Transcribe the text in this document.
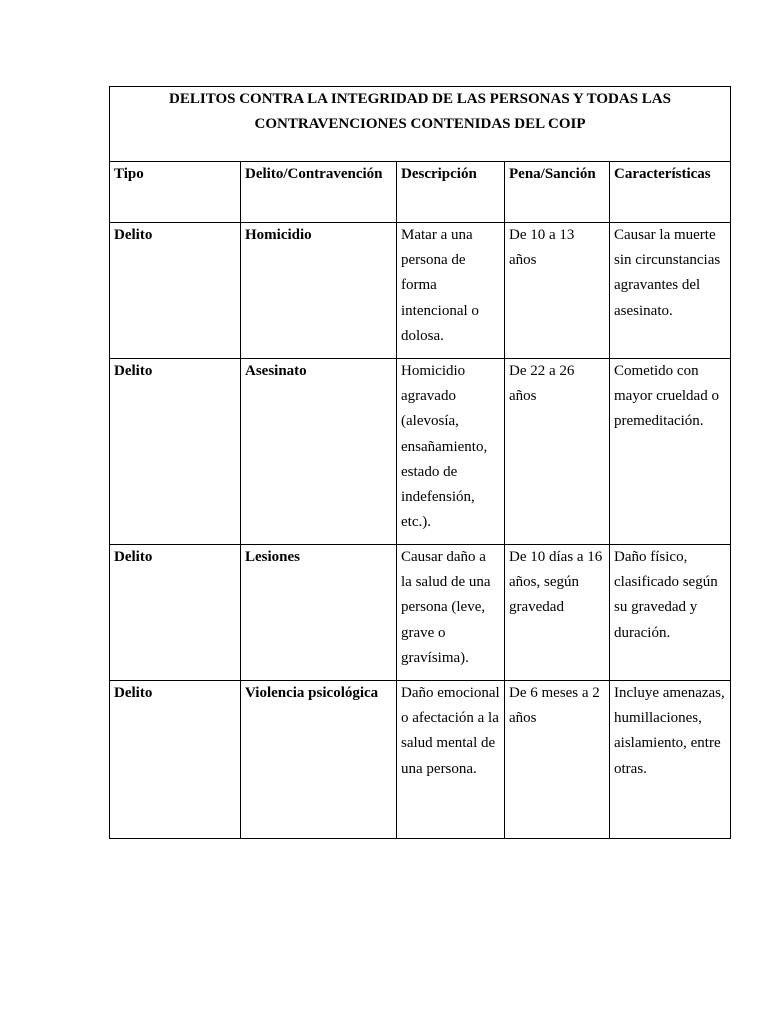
DELITOS CONTRA LA INTEGRIDAD DE LAS PERSONAS Y TODAS LAS
CONTRAVENCIONES CONTENIDAS DEL COIP				

Tipo	Delito/Contravención	Descripción	Pena/Sanción	Características
Delito	Homicidio	Matar a una persona de forma intencional o dolosa.	De 10 a 13 años	Causar la muerte sin circunstancias agravantes del asesinato.
Delito	Asesinato	Homicidio agravado (alevosía, ensañamiento, estado de indefensión, etc.).	De 22 a 26 años	Cometido con mayor crueldad o premeditación.
Delito	Lesiones	Causar daño a la salud de una persona (leve, grave o gravísima).	De 10 días a 16 años, según gravedad	Daño físico, clasificado según su gravedad y duración.
Delito	Violencia psicológica	Daño emocional o afectación a la salud mental de una persona.	De 6 meses a 2 años	Incluye amenazas, humillaciones, aislamiento, entre otras.
